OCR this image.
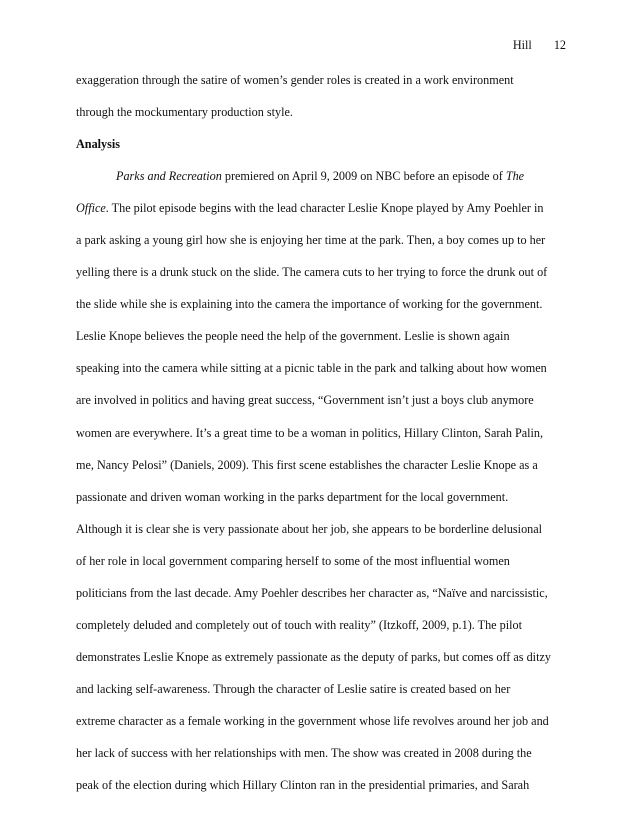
Hill 12
exaggeration through the satire of women’s gender roles is created in a work environment
through the mockumentary production style.
Analysis
Parks and Recreation premiered on April 9, 2009 on NBC before an episode of The
Office. The pilot episode begins with the lead character Leslie Knope played by Amy Poehler in
a park asking a young girl how she is enjoying her time at the park. Then, a boy comes up to her
yelling there is a drunk stuck on the slide. The camera cuts to her trying to force the drunk out of
the slide while she is explaining into the camera the importance of working for the government.
Leslie Knope believes the people need the help of the government. Leslie is shown again
speaking into the camera while sitting at a picnic table in the park and talking about how women
are involved in politics and having great success, “Government isn’t just a boys club anymore
women are everywhere. It’s a great time to be a woman in politics, Hillary Clinton, Sarah Palin,
me, Nancy Pelosi” (Daniels, 2009). This first scene establishes the character Leslie Knope as a
passionate and driven woman working in the parks department for the local government.
Although it is clear she is very passionate about her job, she appears to be borderline delusional
of her role in local government comparing herself to some of the most influential women
politicians from the last decade. Amy Poehler describes her character as, “Naïve and narcissistic,
completely deluded and completely out of touch with reality” (Itzkoff, 2009, p.1). The pilot
demonstrates Leslie Knope as extremely passionate as the deputy of parks, but comes off as ditzy
and lacking self-awareness. Through the character of Leslie satire is created based on her
extreme character as a female working in the government whose life revolves around her job and
her lack of success with her relationships with men. The show was created in 2008 during the
peak of the election during which Hillary Clinton ran in the presidential primaries, and Sarah
